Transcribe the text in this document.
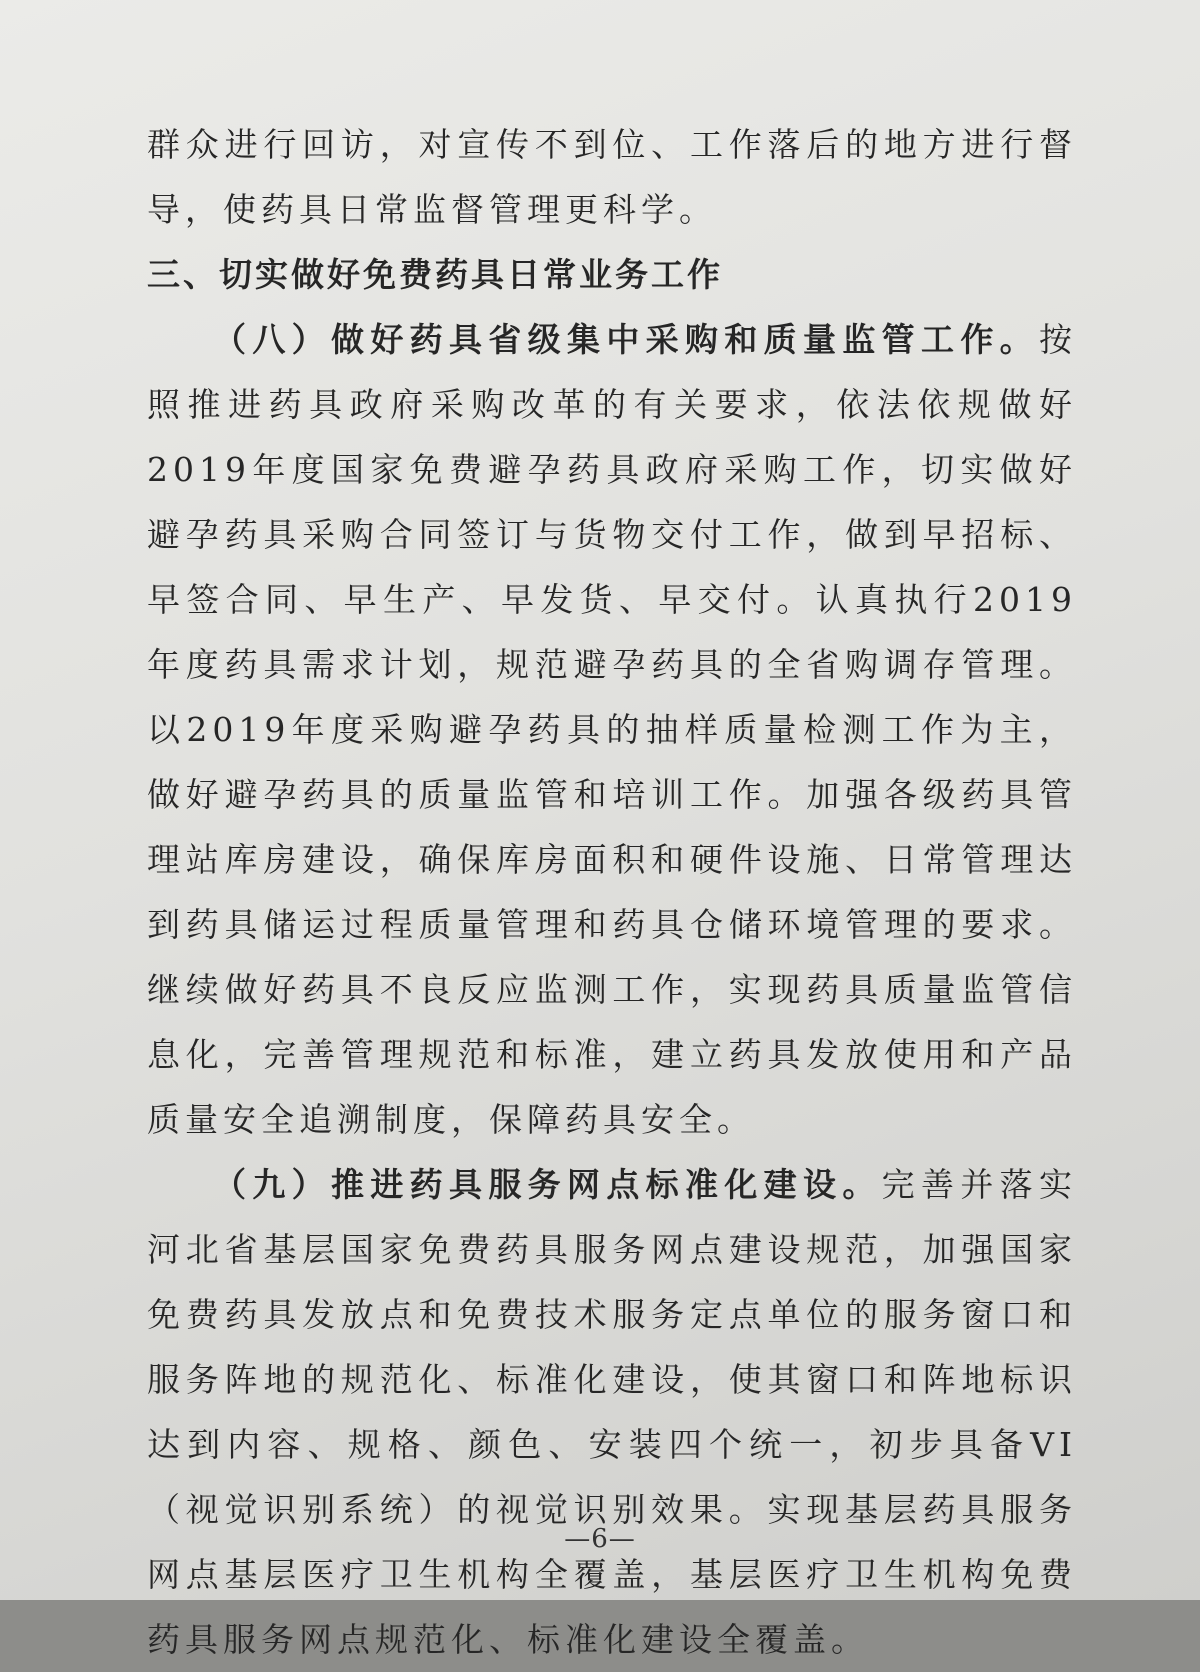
群众进行回访，对宣传不到位、工作落后的地方进行督导，使药具日常监督管理更科学。

三、切实做好免费药具日常业务工作

（八）做好药具省级集中采购和质量监管工作。按照推进药具政府采购改革的有关要求，依法依规做好2019年度国家免费避孕药具政府采购工作，切实做好避孕药具采购合同签订与货物交付工作，做到早招标、早签合同、早生产、早发货、早交付。认真执行2019年度药具需求计划，规范避孕药具的全省购调存管理。以2019年度采购避孕药具的抽样质量检测工作为主，做好避孕药具的质量监管和培训工作。加强各级药具管理站库房建设，确保库房面积和硬件设施、日常管理达到药具储运过程质量管理和药具仓储环境管理的要求。继续做好药具不良反应监测工作，实现药具质量监管信息化，完善管理规范和标准，建立药具发放使用和产品质量安全追溯制度，保障药具安全。

（九）推进药具服务网点标准化建设。完善并落实河北省基层国家免费药具服务网点建设规范，加强国家免费药具发放点和免费技术服务定点单位的服务窗口和服务阵地的规范化、标准化建设，使其窗口和阵地标识达到内容、规格、颜色、安装四个统一，初步具备VI（视觉识别系统）的视觉识别效果。实现基层药具服务网点基层医疗卫生机构全覆盖，基层医疗卫生机构免费药具服务网点规范化、标准化建设全覆盖。

—6—
